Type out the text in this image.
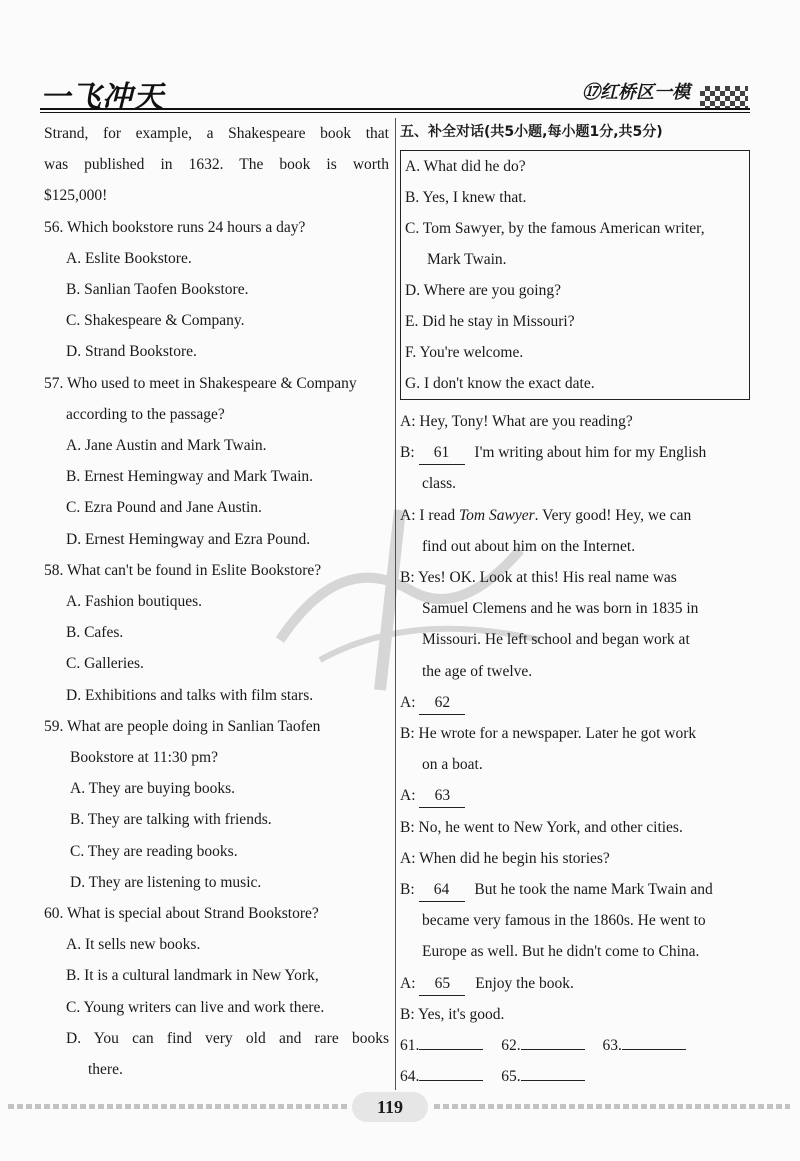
一飞冲天	⑰红桥区一模
Strand, for example, a Shakespeare book that
was published in 1632. The book is worth
$125,000!
56. Which bookstore runs 24 hours a day?
A. Eslite Bookstore.
B. Sanlian Taofen Bookstore.
C. Shakespeare & Company.
D. Strand Bookstore.
57. Who used to meet in Shakespeare & Company
according to the passage?
A. Jane Austin and Mark Twain.
B. Ernest Hemingway and Mark Twain.
C. Ezra Pound and Jane Austin.
D. Ernest Hemingway and Ezra Pound.
58. What can't be found in Eslite Bookstore?
A. Fashion boutiques.
B. Cafes.
C. Galleries.
D. Exhibitions and talks with film stars.
59. What are people doing in Sanlian Taofen
Bookstore at 11:30 pm?
A. They are buying books.
B. They are talking with friends.
C. They are reading books.
D. They are listening to music.
60. What is special about Strand Bookstore?
A. It sells new books.
B. It is a cultural landmark in New York,
C. Young writers can live and work there.
D. You can find very old and rare books
there.
五、补全对话(共5小题,每小题1分,共5分)
A. What did he do?
B. Yes, I knew that.
C. Tom Sawyer, by the famous American writer,
Mark Twain.
D. Where are you going?
E. Did he stay in Missouri?
F. You're welcome.
G. I don't know the exact date.
A: Hey, Tony! What are you reading?
B: 61 I'm writing about him for my English
class.
A: I read Tom Sawyer. Very good! Hey, we can
find out about him on the Internet.
B: Yes! OK. Look at this! His real name was
Samuel Clemens and he was born in 1835 in
Missouri. He left school and began work at
the age of twelve.
A: 62
B: He wrote for a newspaper. Later he got work
on a boat.
A: 63
B: No, he went to New York, and other cities.
A: When did he begin his stories?
B: 64 But he took the name Mark Twain and
became very famous in the 1860s. He went to
Europe as well. But he didn't come to China.
A: 65 Enjoy the book.
B: Yes, it's good.
61.	62.	63.
64.	65.
119
